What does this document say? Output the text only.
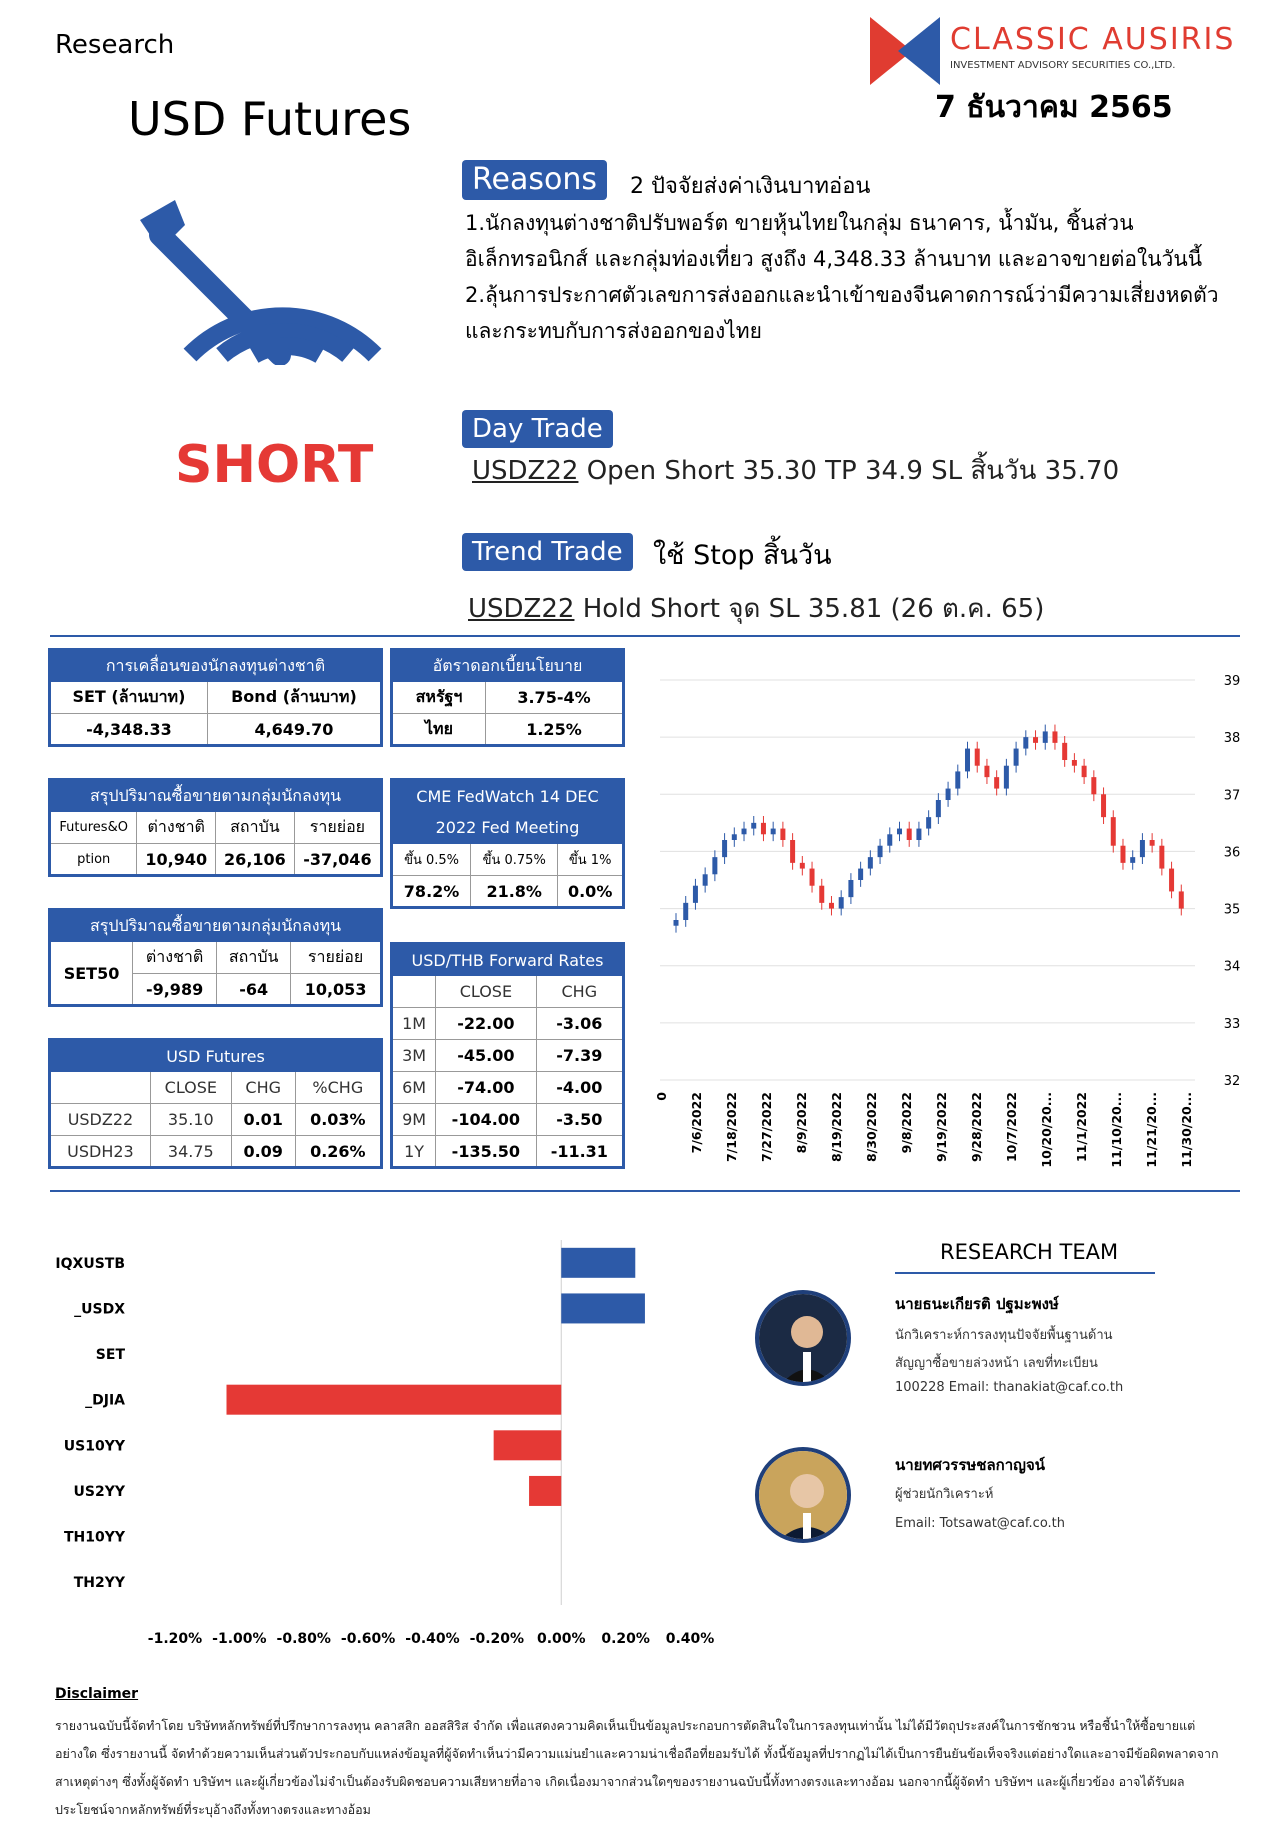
Research
USD Futures
CLASSIC AUSIRIS
INVESTMENT ADVISORY SECURITIES CO.,LTD.
7 ธันวาคม 2565
SHORT
Reasons	2 ปัจจัยส่งค่าเงินบาทอ่อน
1.นักลงทุนต่างชาติปรับพอร์ต ขายหุ้นไทยในกลุ่ม ธนาคาร, น้ำมัน, ชิ้นส่วน
อิเล็กทรอนิกส์ และกลุ่มท่องเที่ยว สูงถึง 4,348.33 ล้านบาท และอาจขายต่อในวันนี้
2.ลุ้นการประกาศตัวเลขการส่งออกและนำเข้าของจีนคาดการณ์ว่ามีความเสี่ยงหดตัว
และกระทบกับการส่งออกของไทย
Day Trade
USDZ22 Open Short 35.30 TP 34.9 SL สิ้นวัน 35.70
Trend Trade	ใช้ Stop สิ้นวัน
USDZ22 Hold Short จุด SL 35.81 (26 ต.ค. 65)
การเคลื่อนของนักลงทุนต่างชาติ	
SET (ล้านบาท)	Bond (ล้านบาท)
-4,348.33	4,649.70
อัตราดอกเบี้ยนโยบาย	
สหรัฐฯ	3.75-4%
ไทย	1.25%
สรุปปริมาณซื้อขายตามกลุ่มนักลงทุน			
Futures&O	ต่างชาติ	สถาบัน	รายย่อย
ption	10,940	26,106	-37,046
CME FedWatch 14 DEC		
2022 Fed Meeting		
ขึ้น 0.5%	ขึ้น 0.75%	ขึ้น 1%
78.2%	21.8%	0.0%
สรุปปริมาณซื้อขายตามกลุ่มนักลงทุน			
SET50	ต่างชาติ	สถาบัน	รายย่อย
	-9,989	-64	10,053
USD/THB Forward Rates		
	CLOSE	CHG
1M	-22.00	-3.06
3M	-45.00	-7.39
6M	-74.00	-4.00
9M	-104.00	-3.50
1Y	-135.50	-11.31
USD Futures			
	CLOSE	CHG	%CHG
USDZ22	35.10	0.01	0.03%
USDH23	34.75	0.09	0.26%
32
33
34
35
36
37
38
39
0 7/6/2022 7/18/2022 7/27/2022 8/9/2022 8/19/2022 8/30/2022 9/8/2022 9/19/2022 9/28/2022 10/7/2022 10/20/20... 11/1/2022 11/10/20... 11/21/20... 11/30/20...
IQXUSTB
_USDX
SET
_DJIA
US10YY
US2YY
TH10YY
TH2YY
-1.20% -1.00% -0.80% -0.60% -0.40% -0.20% 0.00% 0.20% 0.40%
RESEARCH TEAM
นายธนะเกียรติ ปฐมะพงษ์
นักวิเคราะห์การลงทุนปัจจัยพื้นฐานด้าน
สัญญาซื้อขายล่วงหน้า เลขที่ทะเบียน
100228 Email: thanakiat@caf.co.th
นายทศวรรษชลกาญจน์
ผู้ช่วยนักวิเคราะห์
Email: Totsawat@caf.co.th
Disclaimer
รายงานฉบับนี้จัดทำโดย บริษัทหลักทรัพย์ที่ปรึกษาการลงทุน คลาสสิก ออสสิริส จำกัด เพื่อแสดงความคิดเห็นเป็นข้อมูลประกอบการตัดสินใจในการลงทุนเท่านั้น ไม่ได้มีวัตถุประสงค์ในการชักชวน หรือชี้นำให้ซื้อขายแต่อย่างใด ซึ่งรายงานนี้ จัดทำด้วยความเห็นส่วนตัวประกอบกับแหล่งข้อมูลที่ผู้จัดทำเห็นว่ามีความแม่นยำและความน่าเชื่อถือที่ยอมรับได้ ทั้งนี้ข้อมูลที่ปรากฏไม่ได้เป็นการยืนยันข้อเท็จจริงแต่อย่างใดและอาจมีข้อผิดพลาดจากสาเหตุต่างๆ ซึ่งทั้งผู้จัดทำ บริษัทฯ และผู้เกี่ยวข้องไม่จำเป็นต้องรับผิดชอบความเสียหายที่อาจ เกิดเนื่องมาจากส่วนใดๆของรายงานฉบับนี้ทั้งทางตรงและทางอ้อม นอกจากนี้ผู้จัดทำ บริษัทฯ และผู้เกี่ยวข้อง อาจได้รับผลประโยชน์จากหลักทรัพย์ที่ระบุอ้างถึงทั้งทางตรงและทางอ้อม
